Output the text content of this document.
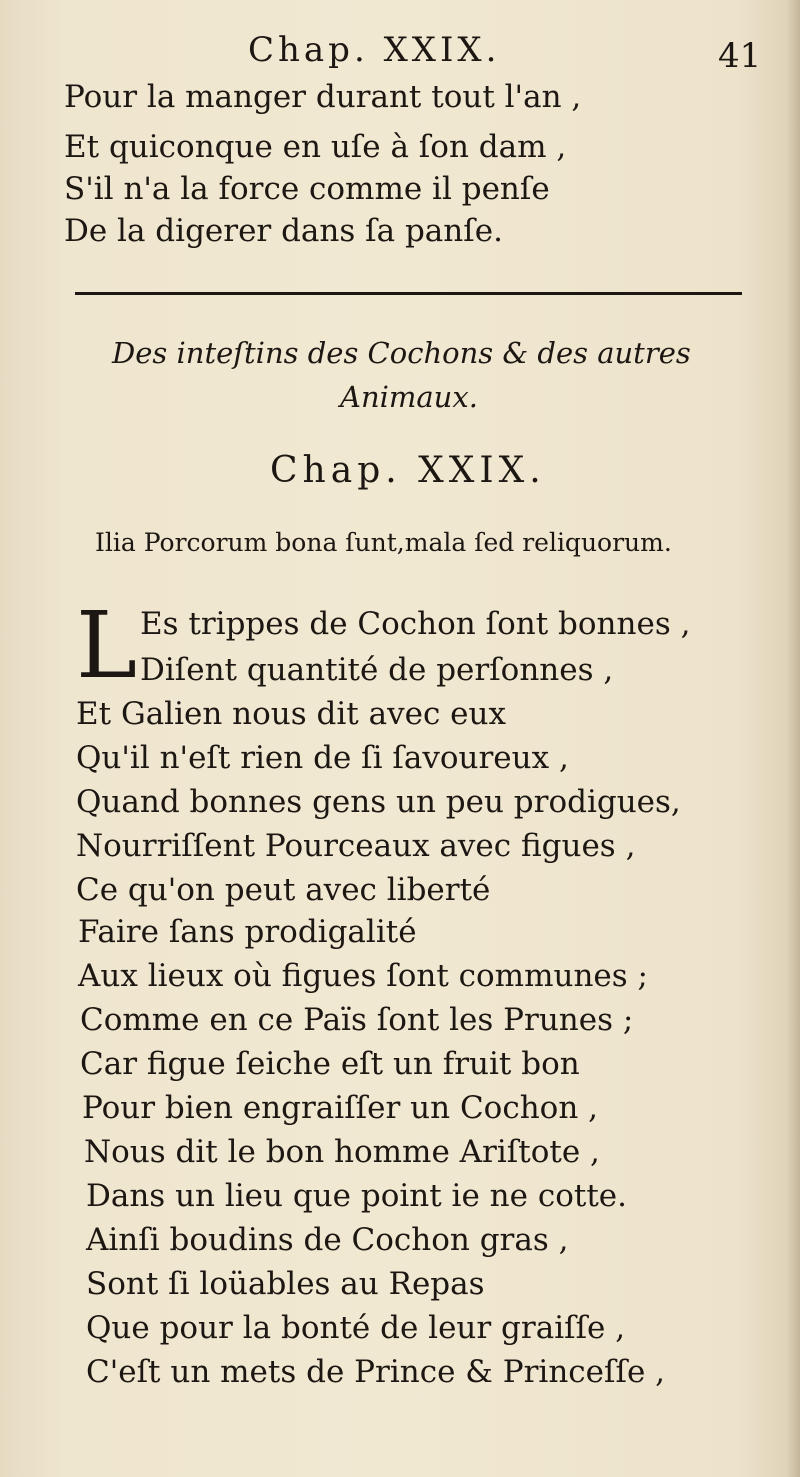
Chap. XXIX.	41
Pour la manger durant tout l'an ,
Et quiconque en uſe à ſon dam ,
S'il n'a la force comme il penſe
De la digerer dans ſa panſe.
Des inteſtins des Cochons & des autres
Animaux.
Chap. XXIX.
Ilia Porcorum bona ſunt,mala ſed reliquorum.
L Es trippes de Cochon ſont bonnes ,
Diſent quantité de perſonnes ,
Et Galien nous dit avec eux
Qu'il n'eſt rien de ſi ſavoureux ,
Quand bonnes gens un peu prodigues,
Nourriſſent Pourceaux avec figues ,
Ce qu'on peut avec liberté
Faire ſans prodigalité
Aux lieux où figues ſont communes ;
Comme en ce Païs ſont les Prunes ;
Car figue ſeiche eſt un fruit bon
Pour bien engraiſſer un Cochon ,
Nous dit le bon homme Ariſtote ,
Dans un lieu que point ie ne cotte.
Ainſi boudins de Cochon gras ,
Sont ſi loüables au Repas
Que pour la bonté de leur graiſſe ,
C'eſt un mets de Prince & Princeſſe ,
